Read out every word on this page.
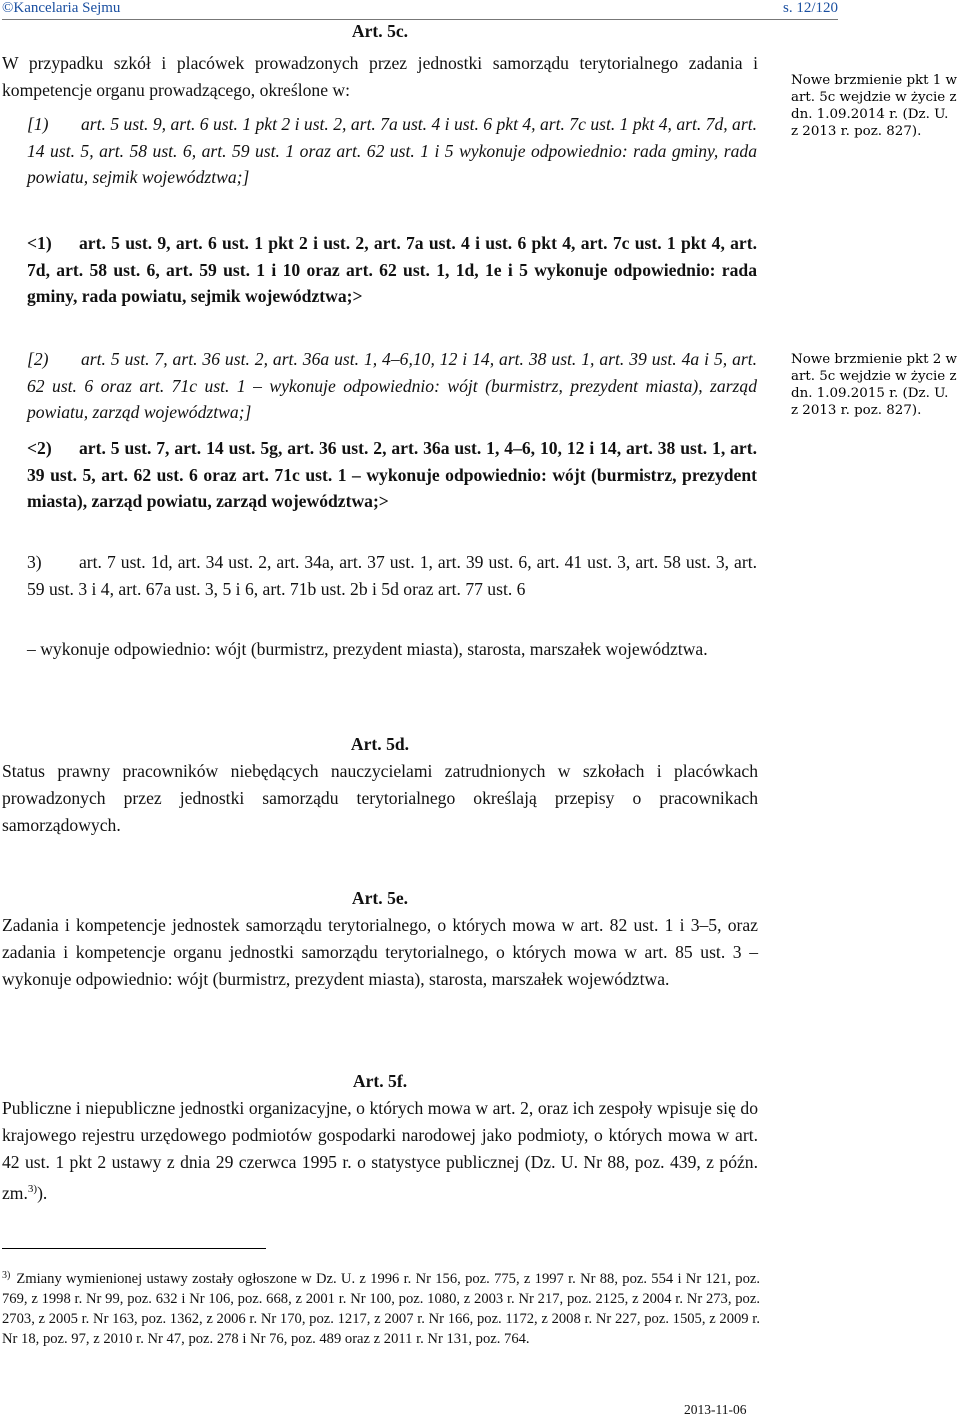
©Kancelaria Sejmu	s. 12/120
Art. 5c.

W przypadku szkół i placówek prowadzonych przez jednostki samorządu terytorialnego zadania i kompetencje organu prowadzącego, określone w:

[1)	art. 5 ust. 9, art. 6 ust. 1 pkt 2 i ust. 2, art. 7a ust. 4 i ust. 6 pkt 4, art. 7c ust. 1 pkt 4, art. 7d, art. 14 ust. 5, art. 58 ust. 6, art. 59 ust. 1 oraz art. 62 ust. 1 i 5 wykonuje odpowiednio: rada gminy, rada powiatu, sejmik województwa;]
<1)	art. 5 ust. 9, art. 6 ust. 1 pkt 2 i ust. 2, art. 7a ust. 4 i ust. 6 pkt 4, art. 7c ust. 1 pkt 4, art. 7d, art. 58 ust. 6, art. 59 ust. 1 i 10 oraz art. 62 ust. 1, 1d, 1e i 5 wykonuje odpowiednio: rada gminy, rada powiatu, sejmik województwa;>
[2)	art. 5 ust. 7, art. 36 ust. 2, art. 36a ust. 1, 4–6,10, 12 i 14, art. 38 ust. 1, art. 39 ust. 4a i 5, art. 62 ust. 6 oraz art. 71c ust. 1 – wykonuje odpowiednio: wójt (burmistrz, prezydent miasta), zarząd powiatu, zarząd województwa;]
<2)	art. 5 ust. 7, art. 14 ust. 5g, art. 36 ust. 2, art. 36a ust. 1, 4–6, 10, 12 i 14, art. 38 ust. 1, art. 39 ust. 5, art. 62 ust. 6 oraz art. 71c ust. 1 – wykonuje odpowiednio: wójt (burmistrz, prezydent miasta), zarząd powiatu, zarząd województwa;>
3)	art. 7 ust. 1d, art. 34 ust. 2, art. 34a, art. 37 ust. 1, art. 39 ust. 6, art. 41 ust. 3, art. 58 ust. 3, art. 59 ust. 3 i 4, art. 67a ust. 3, 5 i 6, art. 71b ust. 2b i 5d oraz art. 77 ust. 6
– wykonuje odpowiednio: wójt (burmistrz, prezydent miasta), starosta, marszałek województwa.
Nowe brzmienie pkt 1 w art. 5c wejdzie w życie z dn. 1.09.2014 r. (Dz. U. z 2013 r. poz. 827).
Nowe brzmienie pkt 2 w art. 5c wejdzie w życie z dn. 1.09.2015 r. (Dz. U. z 2013 r. poz. 827).
Art. 5d.

Status prawny pracowników niebędących nauczycielami zatrudnionych w szkołach i placówkach prowadzonych przez jednostki samorządu terytorialnego określają przepisy o pracownikach samorządowych.

Art. 5e.

Zadania i kompetencje jednostek samorządu terytorialnego, o których mowa w art. 82 ust. 1 i 3–5, oraz zadania i kompetencje organu jednostki samorządu terytorialnego, o których mowa w art. 85 ust. 3 – wykonuje odpowiednio: wójt (burmistrz, prezydent miasta), starosta, marszałek województwa.

Art. 5f.

Publiczne i niepubliczne jednostki organizacyjne, o których mowa w art. 2, oraz ich zespoły wpisuje się do krajowego rejestru urzędowego podmiotów gospodarki narodowej jako podmioty, o których mowa w art. 42 ust. 1 pkt 2 ustawy z dnia 29 czerwca 1995 r. o statystyce publicznej (Dz. U. Nr 88, poz. 439, z późn. zm.$^{3)}$).

$^{3)}$ Zmiany wymienionej ustawy zostały ogłoszone w Dz. U. z 1996 r. Nr 156, poz. 775, z 1997 r. Nr 88, poz. 554 i Nr 121, poz. 769, z 1998 r. Nr 99, poz. 632 i Nr 106, poz. 668, z 2001 r. Nr 100, poz. 1080, z 2003 r. Nr 217, poz. 2125, z 2004 r. Nr 273, poz. 2703, z 2005 r. Nr 163, poz. 1362, z 2006 r. Nr 170, poz. 1217, z 2007 r. Nr 166, poz. 1172, z 2008 r. Nr 227, poz. 1505, z 2009 r. Nr 18, poz. 97, z 2010 r. Nr 47, poz. 278 i Nr 76, poz. 489 oraz z 2011 r. Nr 131, poz. 764.
2013-11-06
